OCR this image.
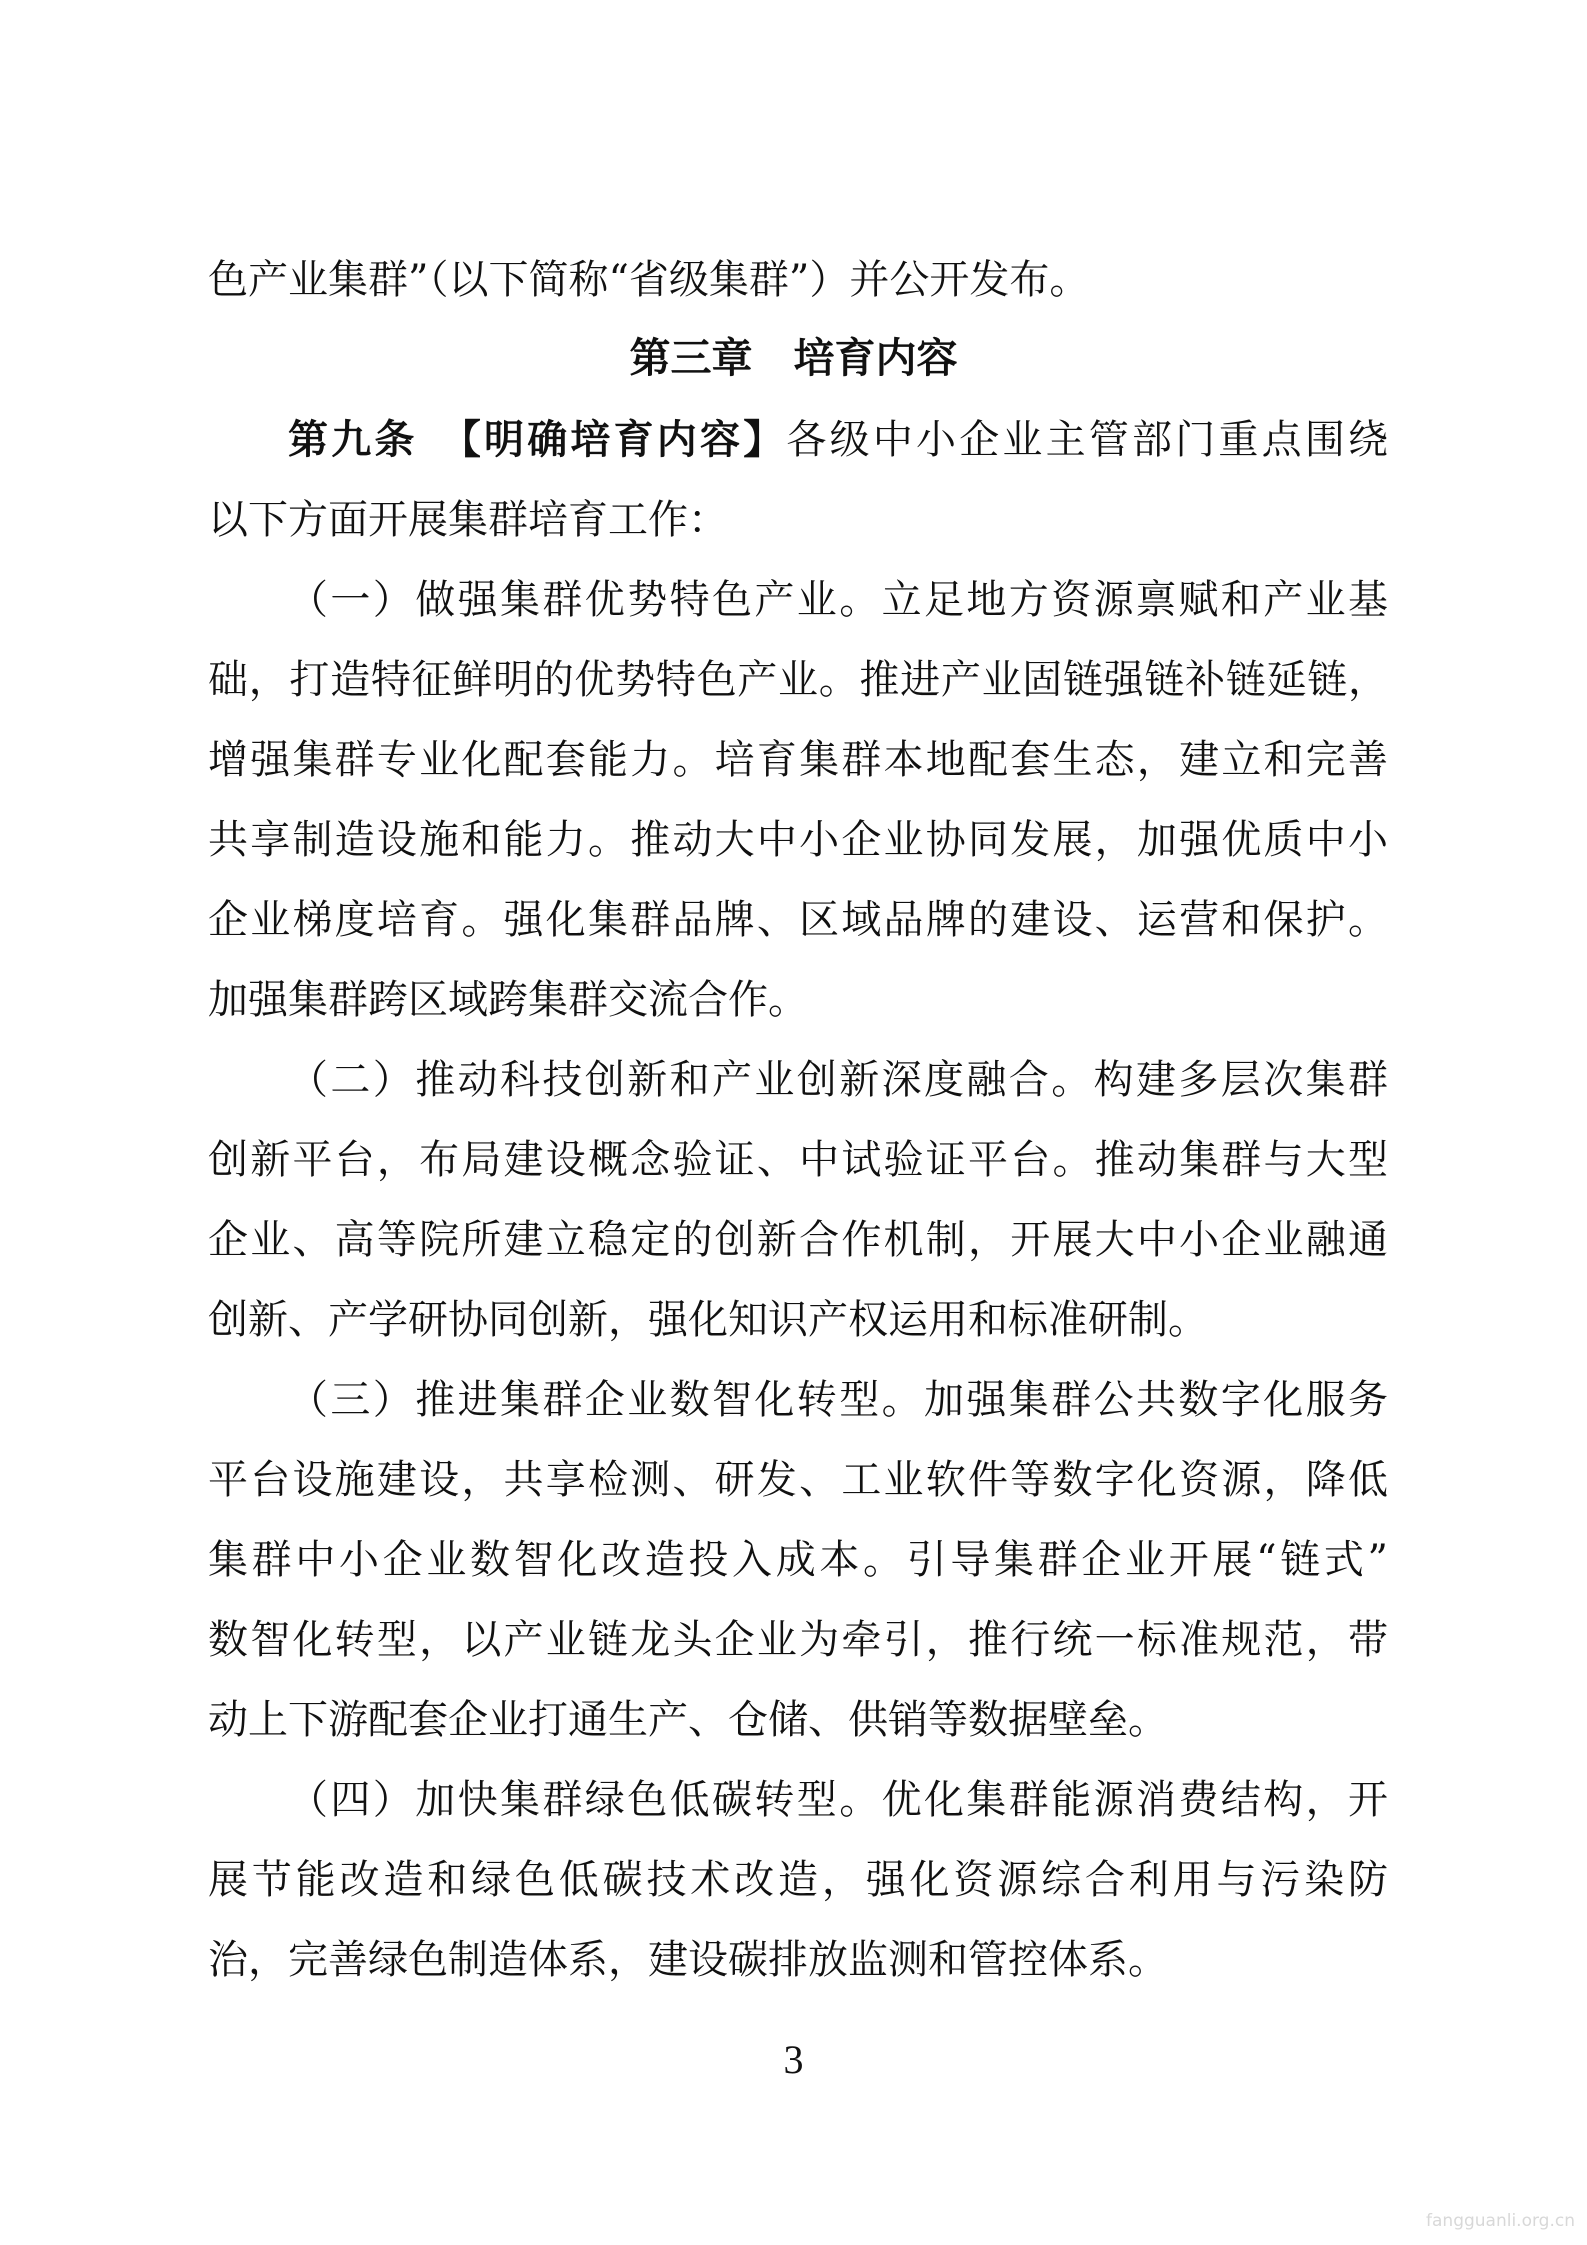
色产业集群”（以下简称“省级集群”）并公开发布。
第三章　培育内容
第九条　 【明确培育内容】各级中小企业主管部门重点围绕
以下方面开展集群培育工作：
（一）做强集群优势特色产业。立足地方资源禀赋和产业基
础，打造特征鲜明的优势特色产业。推进产业固链强链补链延链，
增强集群专业化配套能力。培育集群本地配套生态，建立和完善
共享制造设施和能力。推动大中小企业协同发展，加强优质中小
企业梯度培育。强化集群品牌、区域品牌的建设、运营和保护。
加强集群跨区域跨集群交流合作。
（二）推动科技创新和产业创新深度融合。构建多层次集群
创新平台，布局建设概念验证、中试验证平台。推动集群与大型
企业、高等院所建立稳定的创新合作机制，开展大中小企业融通
创新、产学研协同创新，强化知识产权运用和标准研制。
（三）推进集群企业数智化转型。加强集群公共数字化服务
平台设施建设，共享检测、研发、工业软件等数字化资源，降低
集群中小企业数智化改造投入成本。引导集群企业开展“链式”
数智化转型，以产业链龙头企业为牵引，推行统一标准规范，带
动上下游配套企业打通生产、仓储、供销等数据壁垒。
（四）加快集群绿色低碳转型。优化集群能源消费结构，开
展节能改造和绿色低碳技术改造，强化资源综合利用与污染防
治，完善绿色制造体系，建设碳排放监测和管控体系。
3
fangguanli.org.cn
